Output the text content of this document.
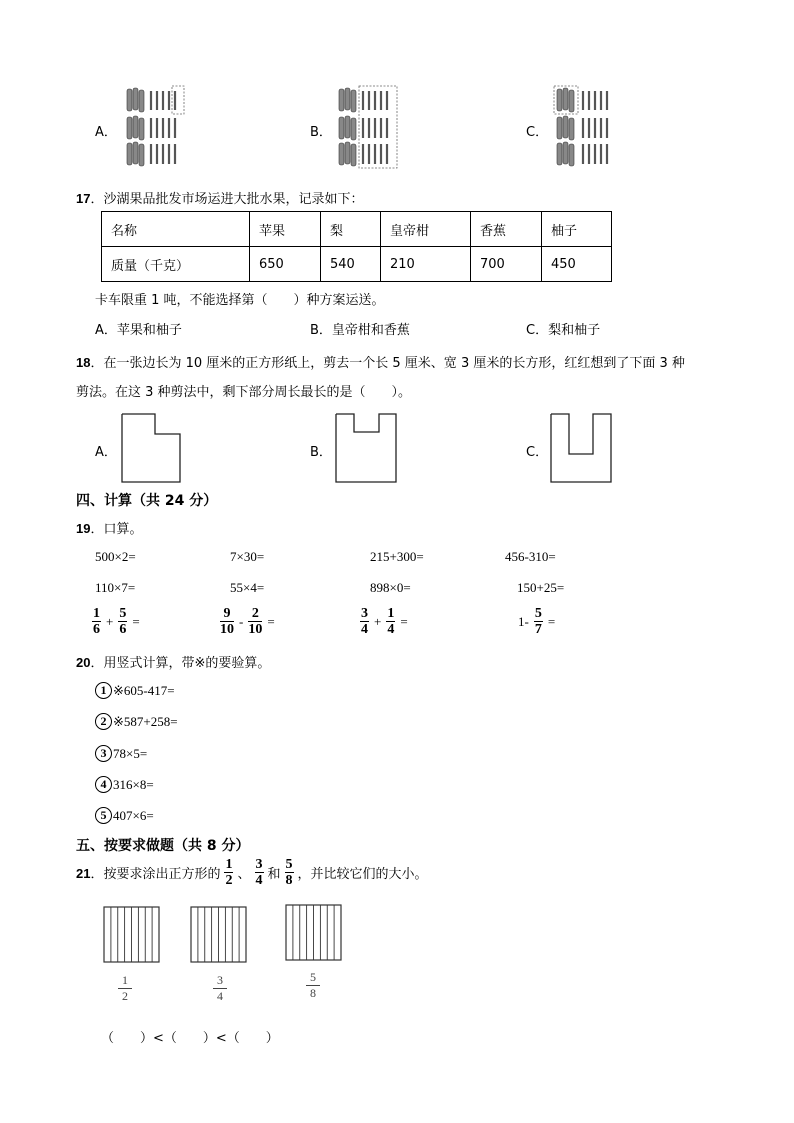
A．	B．	C．
17．沙湖果品批发市场运进大批水果，记录如下：
名称	苹果	梨	皇帝柑	香蕉	柚子
质量（千克）	650	540	210	700	450
卡车限重 1 吨，不能选择第（　　）种方案运送。
A．苹果和柚子	B．皇帝柑和香蕉	C．梨和柚子
18．在一张边长为 10 厘米的正方形纸上，剪去一个长 5 厘米、宽 3 厘米的长方形，红红想到了下面 3 种
剪法。在这 3 种剪法中，剩下部分周长最长的是（　　）。
A．	B．	C．
四、计算（共 24 分）
19．口算。
500×2=	7×30=	215+300=	456-310=
110×7=	55×4=	898×0=	150+25=
$\frac{1}{6} + \frac{5}{6}$ =	$\frac{9}{10} - \frac{2}{10}$ =	$\frac{3}{4} + \frac{1}{4}$ =	$1- \frac{5}{7}$ =
20．用竖式计算，带※的要验算。
1 ※605-417=
2 ※587+258=
3 78×5=
4 316×8=
5 407×6=
五、按要求做题（共 8 分）
21．按要求涂出正方形的 $\frac{1}{2}$ 、 $\frac{3}{4}$ 和 $\frac{5}{8}$ ，并比较它们的大小。
1
2
3
4
5
8
（　　）<（　　）<（　　）
